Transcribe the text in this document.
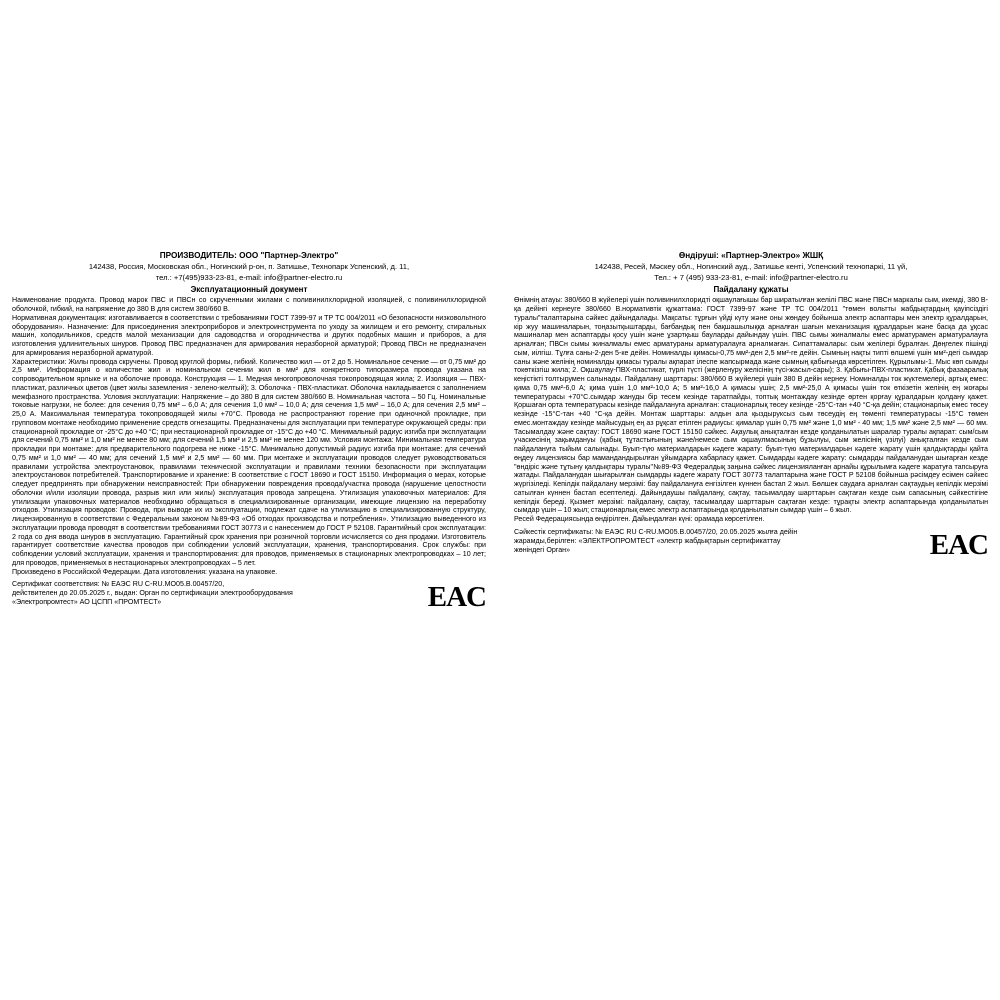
ПРОИЗВОДИТЕЛЬ: ООО "Партнер-Электро"
142438, Россия, Московская обл., Ногинский р-он, п. Затишье, Технопарк Успенский, д. 11,
тел.: +7(495)933-23-81, e-mail: info@partner-electro.ru
Эксплуатационный документ

Наименование продукта. Провод марок ПВС и ПВСн со скрученными жилами с поливинилхлоридной изоляцией, с поливинилхлоридной оболочкой, гибкий, на напряжение до 380 В для систем 380/660 В.

Нормативная документация: изготавливается в соответствии с требованиями ГОСТ 7399-97 и ТР ТС 004/2011 «О безопасности низковольтного оборудования». Назначение: Для присоединения электроприборов и электроинструмента по уходу за жилищем и его ремонту, стиральных машин, холодильников, средств малой механизации для садоводства и огородничества и других подобных машин и приборов, а для изготовления удлинительных шнуров. Провод ПВС предназначен для армирования неразборной арматурой; Провод ПВСн не предназначен для армирования неразборной арматурой.

Характеристики: Жилы провода скручены. Провод круглой формы, гибкий. Количество жил — от 2 до 5. Номинальное сечение — от 0,75 мм² до 2,5 мм². Информация о количестве жил и номинальном сечении жил в мм² для конкретного типоразмера провода указана на сопроводительном ярлыке и на оболочке провода. Конструкция — 1. Медная многопроволочная токопроводящая жила; 2. Изоляция — ПВХ-пластикат, различных цветов (цвет жилы заземления - зелено-желтый); 3. Оболочка - ПВХ-пластикат. Оболочка накладывается с заполнением межфазного пространства. Условия эксплуатации: Напряжение – до 380 В для систем 380/660 В. Номинальная частота – 50 Гц. Номинальные токовые нагрузки, не более: для сечения 0,75 мм² – 6,0 А; для сечения 1,0 мм² – 10,0 А; для сечения 1,5 мм² – 16,0 А; для сечения 2,5 мм² – 25,0 А. Максимальная температура токопроводящей жилы +70°С. Провода не распространяют горение при одиночной прокладке, при групповом монтаже необходимо применение средств огнезащиты. Предназначены для эксплуатации при температуре окружающей среды: при стационарной прокладке от -25°С до +40 °С; при нестационарной прокладке от -15°С до +40 °С. Минимальный радиус изгиба при эксплуатации для сечений 0,75 мм² и 1,0 мм² не менее 80 мм; для сечений 1,5 мм² и 2,5 мм² не менее 120 мм. Условия монтажа: Минимальная температура прокладки при монтаже: для предварительного подогрева не ниже -15°С. Минимально допустимый радиус изгиба при монтаже: для сечений 0,75 мм² и 1,0 мм² — 40 мм; для сечений 1,5 мм² и 2,5 мм² — 60 мм. При монтаже и эксплуатации проводов следует руководствоваться правилами устройства электроустановок, правилами технической эксплуатации и правилами техники безопасности при эксплуатации электроустановок потребителей. Транспортирование и хранение: В соответствие с ГОСТ 18690 и ГОСТ 15150. Информация о мерах, которые следует предпринять при обнаружении неисправностей: При обнаружении повреждения провода/участка провода (нарушение целостности оболочки и/или изоляции провода, разрыв жил или жилы) эксплуатация провода запрещена. Утилизация упаковочных материалов: Для утилизации упаковочных материалов необходимо обращаться в специализированные организации, имеющие лицензию на переработку отходов. Утилизация проводов: Провода, при выводе их из эксплуатации, подлежат сдаче на утилизацию в специализированную структуру, лицензированную в соответствии с Федеральным законом №89-ФЗ «Об отходах производства и потребления». Утилизацию выведенного из эксплуатации провода проводят в соответствии требованиями ГОСТ 30773 и с нанесением до ГОСТ Р 52108. Гарантийный срок эксплуатации: 2 года со дня ввода шнуров в эксплуатацию. Гарантийный срок хранения при розничной торговли исчисляется со дня продажи. Изготовитель гарантирует соответствие качества проводов при соблюдении условий эксплуатации, хранения, транспортирования. Срок службы: при соблюдении условий эксплуатации, хранения и транспортирования: для проводов, применяемых в стационарных электропроводках – 10 лет; для проводов, применяемых в нестационарных электропроводках – 5 лет.

Произведено в Российской Федерации. Дата изготовления: указана на упаковке.

Сертификат соответствия: № ЕАЭС RU C-RU.МО05.В.00457/20,
действителен до 20.05.2025 г., выдан: Орган по сертификации электрооборудования
«Электропромтест» АО ЦСПП «ПРОМТЕСТ»	EAC
Өндіруші: «Партнер-Электро» ЖШҚ
142438, Ресей, Мәскеу обл., Ногинский ауд., Затишье кенті, Успенский технопаркі, 11 үй,
Тел.: + 7 (495) 933-23-81, e-mail: info@partner-electro.ru
Пайдалану құжаты

Өнімнің атауы: 380/660 В жүйелері үшін поливинилхлоридті оқшаулағышы бар ширатылған желілі ПВС және ПВСн маркалы сым, икемді, 380 В-қа дейінгі кернеуге 380/660 В.нормативтік құжаттама: ГОСТ 7399-97 және ТР ТС 004/2011 "төмен вольтты жабдықтардың қауіпсіздігі туралы"талаптарына сәйкес дайындалады. Мақсаты: тұрғын үйді күту және оны жөндеу бойынша электр аспаптары мен электр құралдарын, кір жуу машиналарын, тоңазытқыштарды, бағбандық пен бақшашылыққа арналған шағын механизация құралдарын және басқа да ұқсас машиналар мен аспаптарды қосу үшін және ұзартқыш бауларды дайындау үшін. ПВС сымы жиналмалы емес арматурамен арматуралауға арналған; ПВСн сымы жиналмалы емес арматураны арматуралауға арналмаған. Сипаттамалары: сым желілері бұралған. Дөңгелек пішінді сым, иілгіш. Тұлға саны-2-ден 5-ке дейін. Номиналды қимасы-0,75 мм²-ден 2,5 мм²-ге дейін. Сымның нақты типті өлшемі үшін мм²-дегі сымдар саны және желінің номиналды қимасы туралы ақпарат ілеспе жапсырмада және сымның қабығында көрсетілген. Құрылымы-1. Мыс көп сымды токөткізгіш жила; 2. Оқшаулау-ПВХ-пластикат, түрлі түсті (жерленуру желісінің түсі-жасыл-сары); 3. Қабығы-ПВХ-пластикат. Қабық фазааралық кеңістікті толтырумен салынады. Пайдалану шарттары: 380/660 В жүйелері үшін 380 В дейін кернеу. Номиналды ток жүктемелері, артық емес: қима 0,75 мм²-6,0 А; қима үшін 1,0 мм²-10,0 А; 5 мм²-16,0 А қимасы үшін; 2,5 мм²-25,0 А қимасы үшін ток өткізетін желінің ең жоғары температурасы +70°С.сымдар жануды бір тесем кезінде таратпайды, топтық монтаждау кезінде өртен қорғау құралдарын қолдану қажет. Қоршаған орта температурасы кезінде пайдалануға арналған: стационарлық төсеу кезінде -25°С-тан +40 °С-қа дейін; стационарлық емес төсеу кезінде -15°С-тан +40 °С-қа дейін. Монтаж шарттары: алдын ала қыздыруксыз сым төсеудің ең төменгі температурасы -15°С төмен емес.монтаждау кезінде майысудың ең аз рұқсат етілген радиусы: қималар үшін 0,75 мм² және 1,0 мм² - 40 мм; 1,5 мм² және 2,5 мм² — 60 мм. Тасымалдау және сақтау: ГОСТ 18690 және ГОСТ 15150 сәйкес. Ақаулық анықталған кезде қолданылатын шаралар туралы ақпарат: сым/сым учаскесінің зақымдануы (қабық тұтастығының және/немесе сым оқшаулмасының бұзылуы, сым желісінің үзілуі) анықталған кезде сым пайдалануға тыйым салынады. Буып-түю материалдарын кәдеге жарату: буып-түю материалдарын кәдеге жарату үшін қалдықтарды қайта өңдеу лицензиясы бар мамандандырылған ұйымдарға хабарласу қажет. Сымдарды кәдеге жарату: сымдарды пайдаланудан шығарған кезде "өндіріс және тұтыну қалдықтары туралы"№89-ФЗ Федералдық заңына сәйкес лицензияланған арнайы құрылымға кәдеге жаратуға тапсыруға жатады. Пайдаланудан шығарылған сымдарды кәдеге жарату ГОСТ 30773 талаптарына және ГОСТ Р 52108 бойынша рәсімдеу есімен сәйкес жүргізіледі. Кепілдік пайдалану мерзімі: бау пайдалануға енгізілген күннен бастап 2 жыл. Бөлшек саудаға арналған сақтаудың кепілдік мерзімі сатылған күннен бастап есептеледі. Дайындаушы пайдалану, сақтау, тасымалдау шарттарын сақтаған кезде сым сапасының сәйкестігіне кепілдік береді. Қызмет мерзімі: пайдалану, сақтау, тасымалдау шарттарын сақтаған кезде: тұрақты электр аспаптарында қолданылатын сымдар үшін – 10 жыл; стационарлық емес электр аспаптарында қолданылатын сымдар үшін – 6 жыл.

Ресей Федерациясында өндірілген. Дайындалған күні: орамада көрсетілген.

Сәйкестік сертификаты: № ЕАЭС RU C-RU.МО05.В.00457/20, 20.05.2025 жылға дейін
жарамды,берілген: «ЭЛЕКТРОПРОМТЕСТ «электр жабдықтарын сертификаттау
жөніндегі Орган»	EAC
